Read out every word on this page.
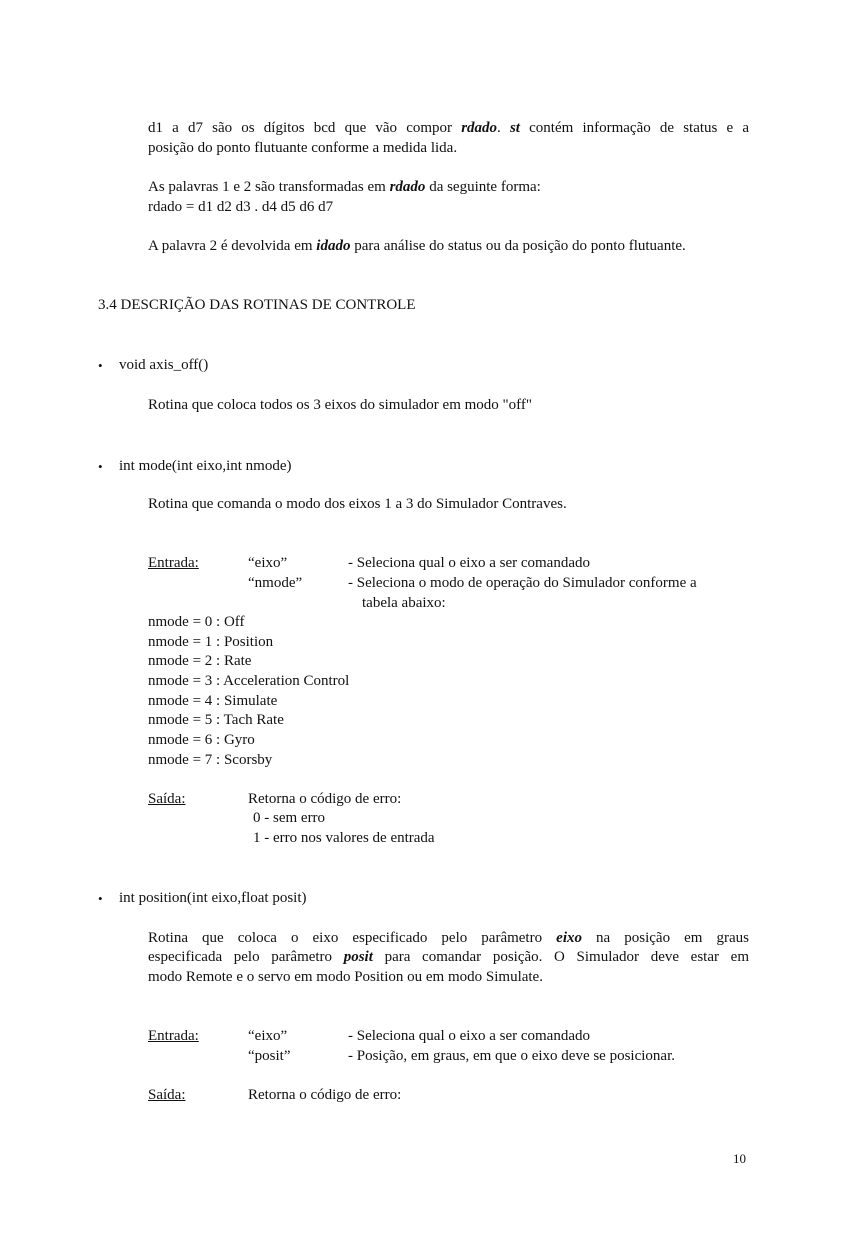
d1 a d7 são os dígitos bcd que vão compor rdado. st contém informação de status e a
posição do ponto flutuante conforme a medida lida.
As palavras 1 e 2 são transformadas em rdado da seguinte forma:
rdado = d1 d2 d3 . d4 d5 d6 d7
A palavra 2 é devolvida em idado para análise do status ou da posição do ponto flutuante.
3.4 DESCRIÇÃO DAS ROTINAS DE CONTROLE
• void axis_off()
Rotina que coloca todos os 3 eixos do simulador em modo "off"
• int mode(int eixo,int nmode)
Rotina que comanda o modo dos eixos 1 a 3 do Simulador Contraves.
Entrada:	“eixo”	- Seleciona qual o eixo a ser comandado
“nmode”	- Seleciona o modo de operação do Simulador conforme a
tabela abaixo:
nmode = 0 : Off
nmode = 1 : Position
nmode = 2 : Rate
nmode = 3 : Acceleration Control
nmode = 4 : Simulate
nmode = 5 : Tach Rate
nmode = 6 : Gyro
nmode = 7 : Scorsby
Saída:	Retorna o código de erro:
0 - sem erro
1 - erro nos valores de entrada
• int position(int eixo,float posit)
Rotina que coloca o eixo especificado pelo parâmetro eixo na posição em graus
especificada pelo parâmetro posit para comandar posição. O Simulador deve estar em
modo Remote e o servo em modo Position ou em modo Simulate.
Entrada:	“eixo”	- Seleciona qual o eixo a ser comandado
“posit”	- Posição, em graus, em que o eixo deve se posicionar.
Saída:	Retorna o código de erro:
10
